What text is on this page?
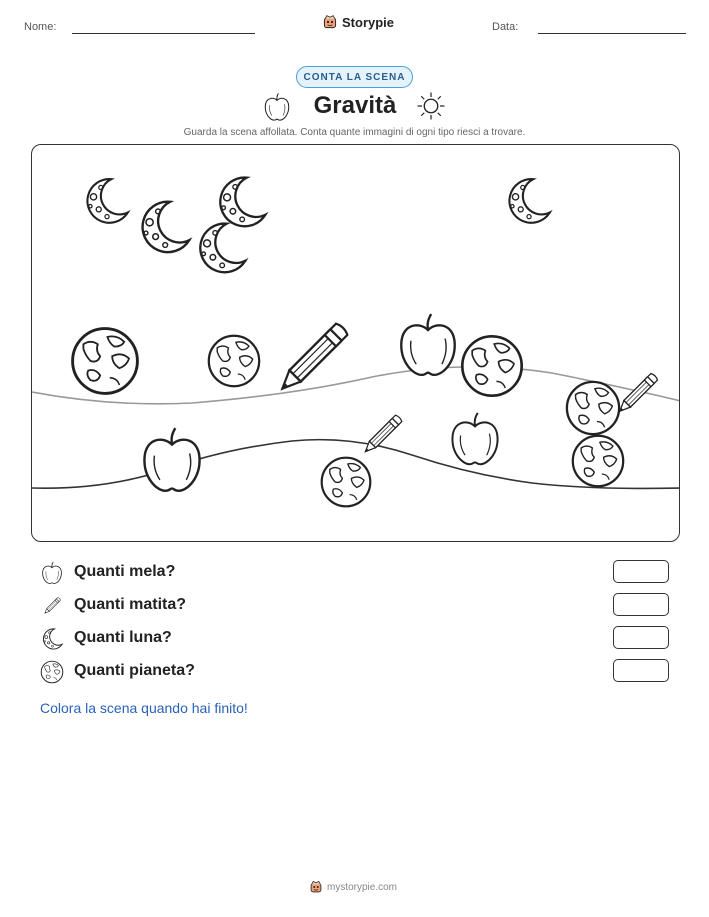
Nome:	Storypie	Data:
CONTA LA SCENA
Gravità
Guarda la scena affollata. Conta quante immagini di ogni tipo riesci a trovare.
Quanti mela?
Quanti matita?
Quanti luna?
Quanti pianeta?
Colora la scena quando hai finito!
mystorypie.com
